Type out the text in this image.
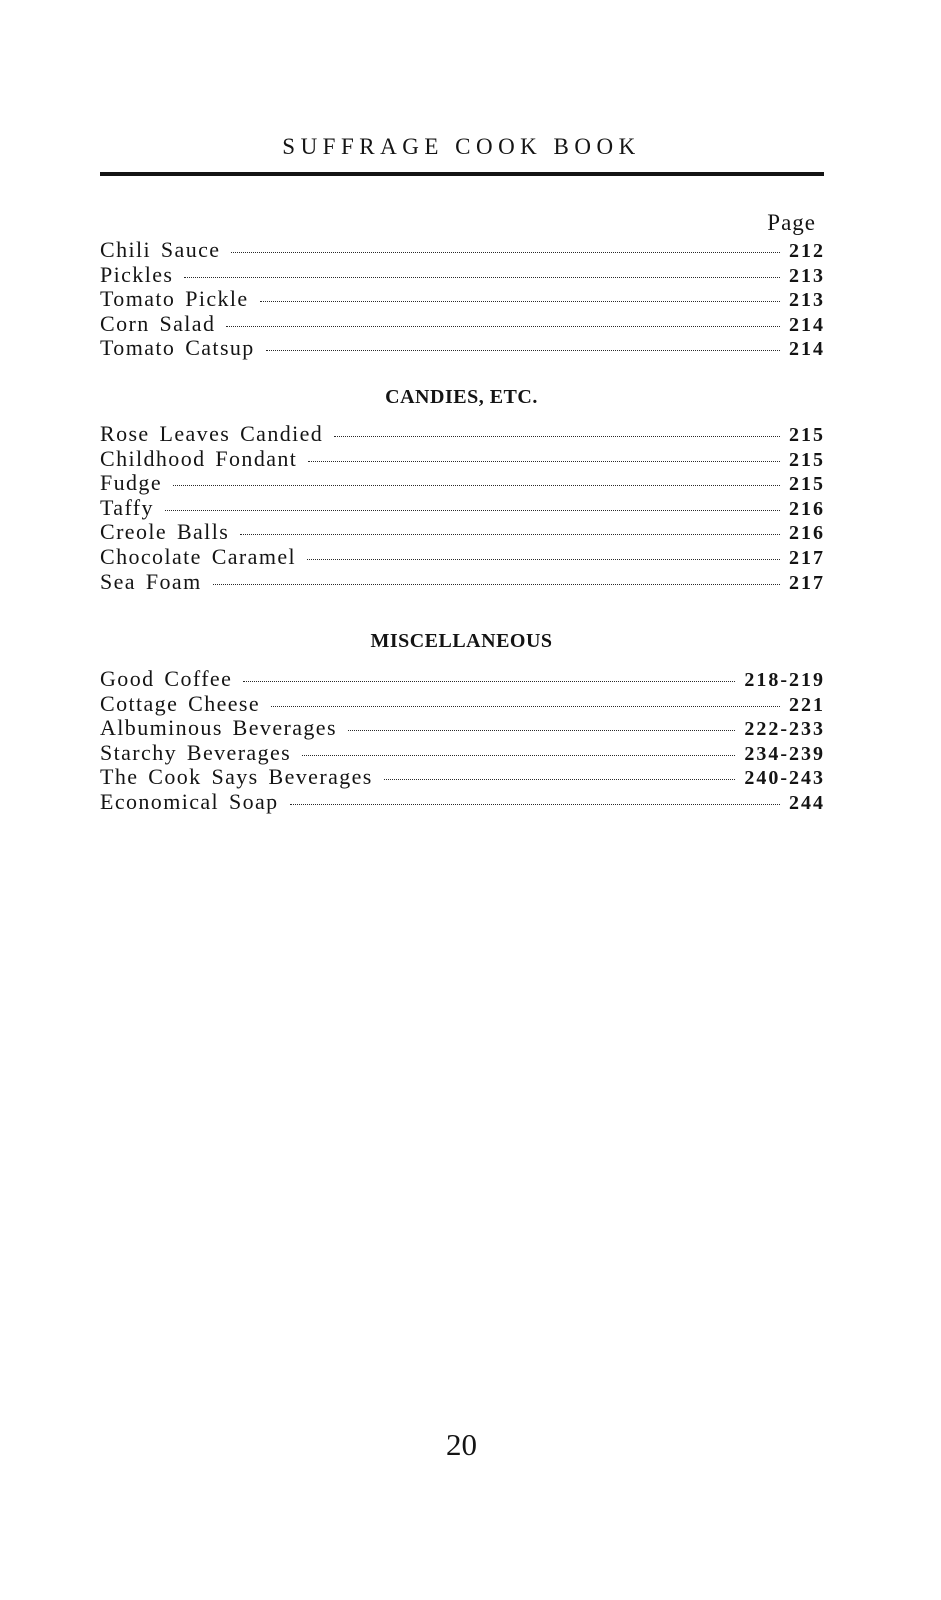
SUFFRAGE COOK BOOK
Page
Chili Sauce	212
Pickles	213
Tomato Pickle	213
Corn Salad	214
Tomato Catsup	214
CANDIES, ETC.
Rose Leaves Candied	215
Childhood Fondant	215
Fudge	215
Taffy	216
Creole Balls	216
Chocolate Caramel	217
Sea Foam	217
MISCELLANEOUS
Good Coffee	218-219
Cottage Cheese	221
Albuminous Beverages	222-233
Starchy Beverages	234-239
The Cook Says Beverages	240-243
Economical Soap	244
20
